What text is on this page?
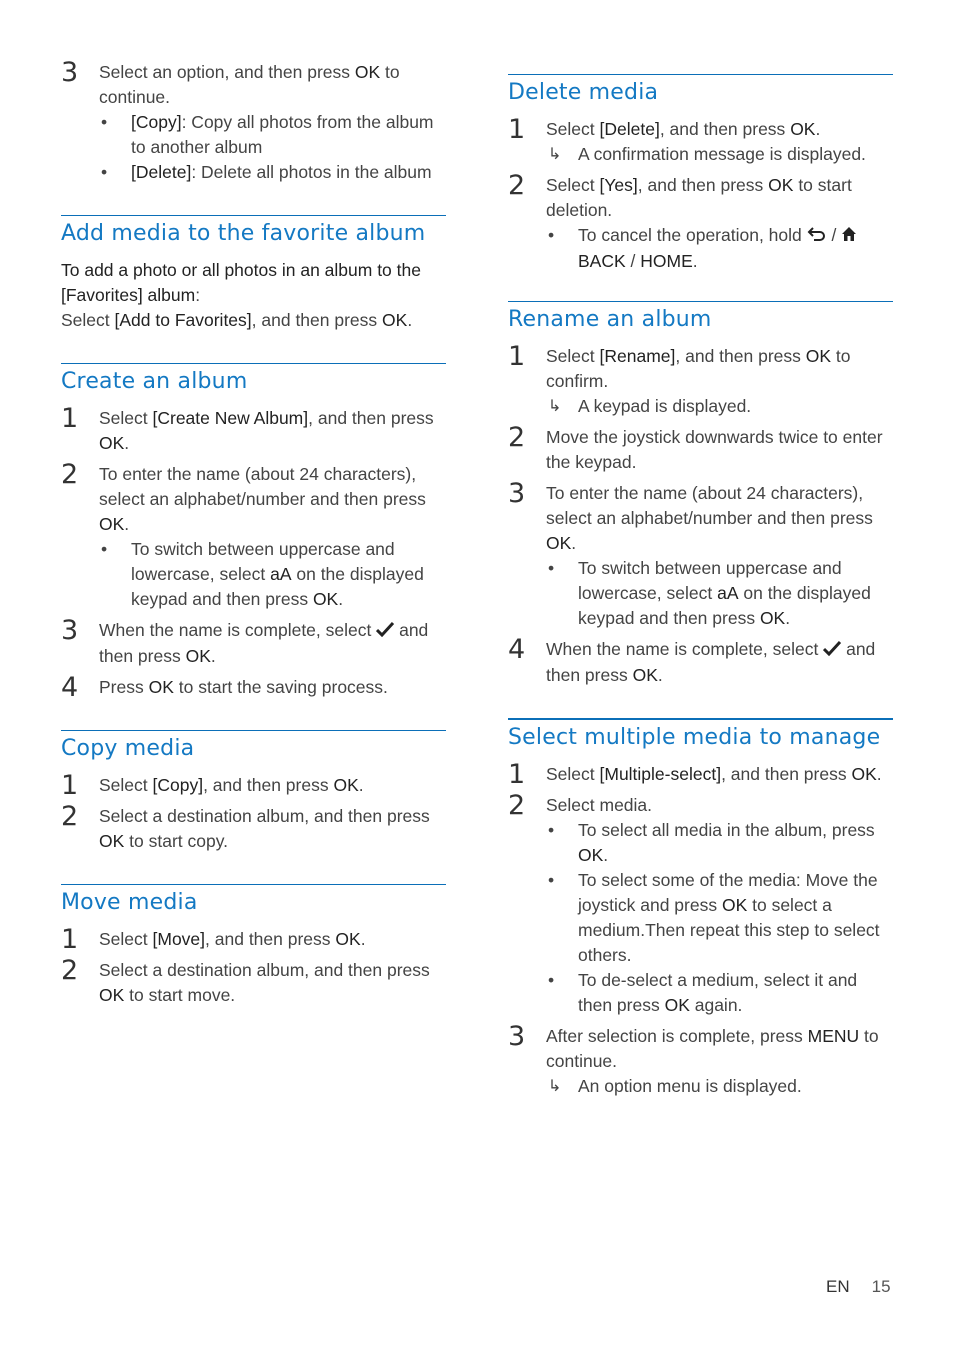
3	Select an option, and then press OK to continue.
•	[Copy]: Copy all photos from the album to another album
•	[Delete]: Delete all photos in the album
Add media to the favorite album
To add a photo or all photos in an album to the [Favorites] album:
Select [Add to Favorites], and then press OK.
Create an album
1	Select [Create New Album], and then press OK.
2	To enter the name (about 24 characters), select an alphabet/number and then press OK.
•	To switch between uppercase and lowercase, select aA on the displayed keypad and then press OK.
3	When the name is complete, select  and then press OK.
4	Press OK to start the saving process.
Copy media
1	Select [Copy], and then press OK.
2	Select a destination album, and then press OK to start copy.
Move media
1	Select [Move], and then press OK.
2	Select a destination album, and then press OK to start move.
Delete media
1	Select [Delete], and then press OK.
↳ A confirmation message is displayed.
2	Select [Yes], and then press OK to start deletion.
•	To cancel the operation, hold  /
BACK / HOME.
Rename an album
1	Select [Rename], and then press OK to confirm.
↳ A keypad is displayed.
2	Move the joystick downwards twice to enter the keypad.
3	To enter the name (about 24 characters), select an alphabet/number and then press OK.
•	To switch between uppercase and lowercase, select aA on the displayed keypad and then press OK.
4	When the name is complete, select  and then press OK.
Select multiple media to manage
1	Select [Multiple-select], and then press OK.
2	Select media.
•	To select all media in the album, press OK.
•	To select some of the media: Move the joystick and press OK to select a medium.Then repeat this step to select others.
•	To de-select a medium, select it and then press OK again.
3	After selection is complete, press MENU to continue.
↳ An option menu is displayed.
EN 15
